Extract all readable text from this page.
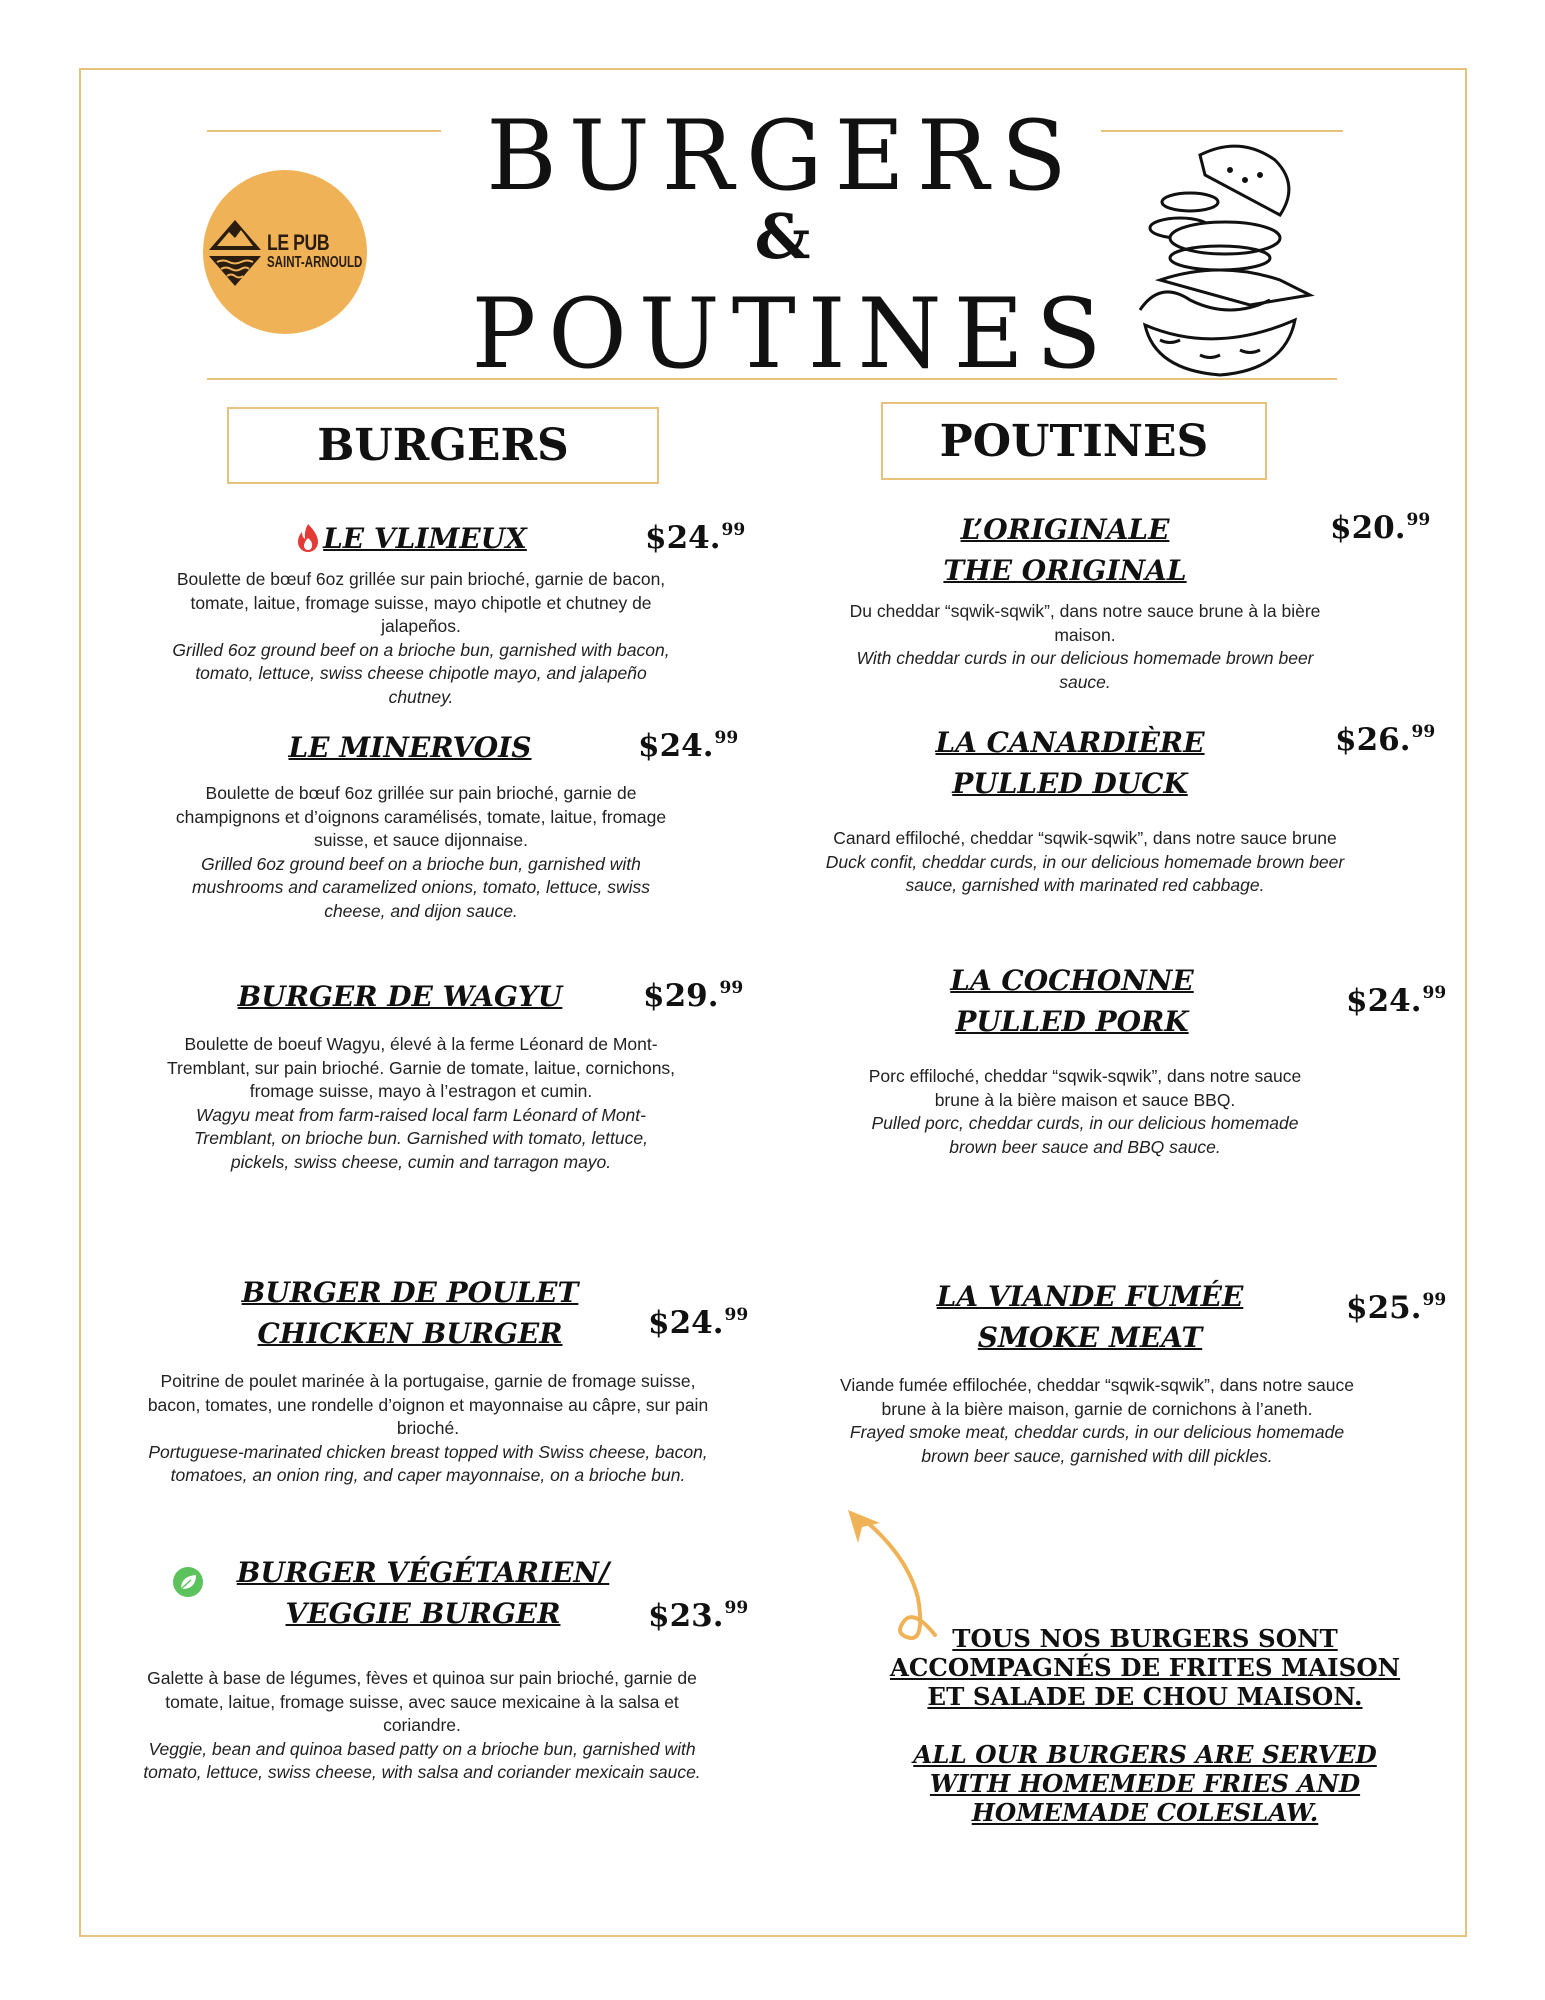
BURGERS
&
POUTINES
LE PUB
SAINT-ARNOULD
BURGERS	POUTINES
LE VLIMEUX	$24.99
Boulette de bœuf 6oz grillée sur pain brioché, garnie de bacon, tomate, laitue, fromage suisse, mayo chipotle et chutney de jalapeños.
Grilled 6oz ground beef on a brioche bun, garnished with bacon, tomato, lettuce, swiss cheese chipotle mayo, and jalapeño chutney.
LE MINERVOIS	$24.99
Boulette de bœuf 6oz grillée sur pain brioché, garnie de champignons et d’oignons caramélisés, tomate, laitue, fromage suisse, et sauce dijonnaise.
Grilled 6oz ground beef on a brioche bun, garnished with mushrooms and caramelized onions, tomato, lettuce, swiss cheese, and dijon sauce.
BURGER DE WAGYU	$29.99
Boulette de boeuf Wagyu, élevé à la ferme Léonard de Mont-Tremblant, sur pain brioché. Garnie de tomate, laitue, cornichons, fromage suisse, mayo à l’estragon et cumin.
Wagyu meat from farm-raised local farm Léonard of Mont-Tremblant, on brioche bun. Garnished with tomato, lettuce, pickels, swiss cheese, cumin and tarragon mayo.
BURGER DE POULET
CHICKEN BURGER	$24.99
Poitrine de poulet marinée à la portugaise, garnie de fromage suisse, bacon, tomates, une rondelle d’oignon et mayonnaise au câpre, sur pain brioché.
Portuguese-marinated chicken breast topped with Swiss cheese, bacon, tomatoes, an onion ring, and caper mayonnaise, on a brioche bun.
BURGER VÉGÉTARIEN/
VEGGIE BURGER	$23.99
Galette à base de légumes, fèves et quinoa sur pain brioché, garnie de tomate, laitue, fromage suisse, avec sauce mexicaine à la salsa et coriandre.
Veggie, bean and quinoa based patty on a brioche bun, garnished with tomato, lettuce, swiss cheese, with salsa and coriander mexicain sauce.
L’ORIGINALE
THE ORIGINAL
$20.99
Du cheddar “sqwik-sqwik”, dans notre sauce brune à la bière maison.
With cheddar curds in our delicious homemade brown beer sauce.
LA CANARDIÈRE
PULLED DUCK
$26.99
Canard effiloché, cheddar “sqwik-sqwik”, dans notre sauce brune Duck confit, cheddar curds, in our delicious homemade brown beer sauce, garnished with marinated red cabbage.
LA COCHONNE
PULLED PORK
$24.99
Porc effiloché, cheddar “sqwik-sqwik”, dans notre sauce brune à la bière maison et sauce BBQ.
Pulled porc, cheddar curds, in our delicious homemade brown beer sauce and BBQ sauce.
LA VIANDE FUMÉE
SMOKE MEAT
$25.99
Viande fumée effilochée, cheddar “sqwik-sqwik”, dans notre sauce brune à la bière maison, garnie de cornichons à l’aneth.
Frayed smoke meat, cheddar curds, in our delicious homemade brown beer sauce, garnished with dill pickles.
TOUS NOS BURGERS SONT ACCOMPAGNÉS DE FRITES MAISON ET SALADE DE CHOU MAISON.
ALL OUR BURGERS ARE SERVED WITH HOMEMEDE FRIES AND HOMEMADE COLESLAW.
